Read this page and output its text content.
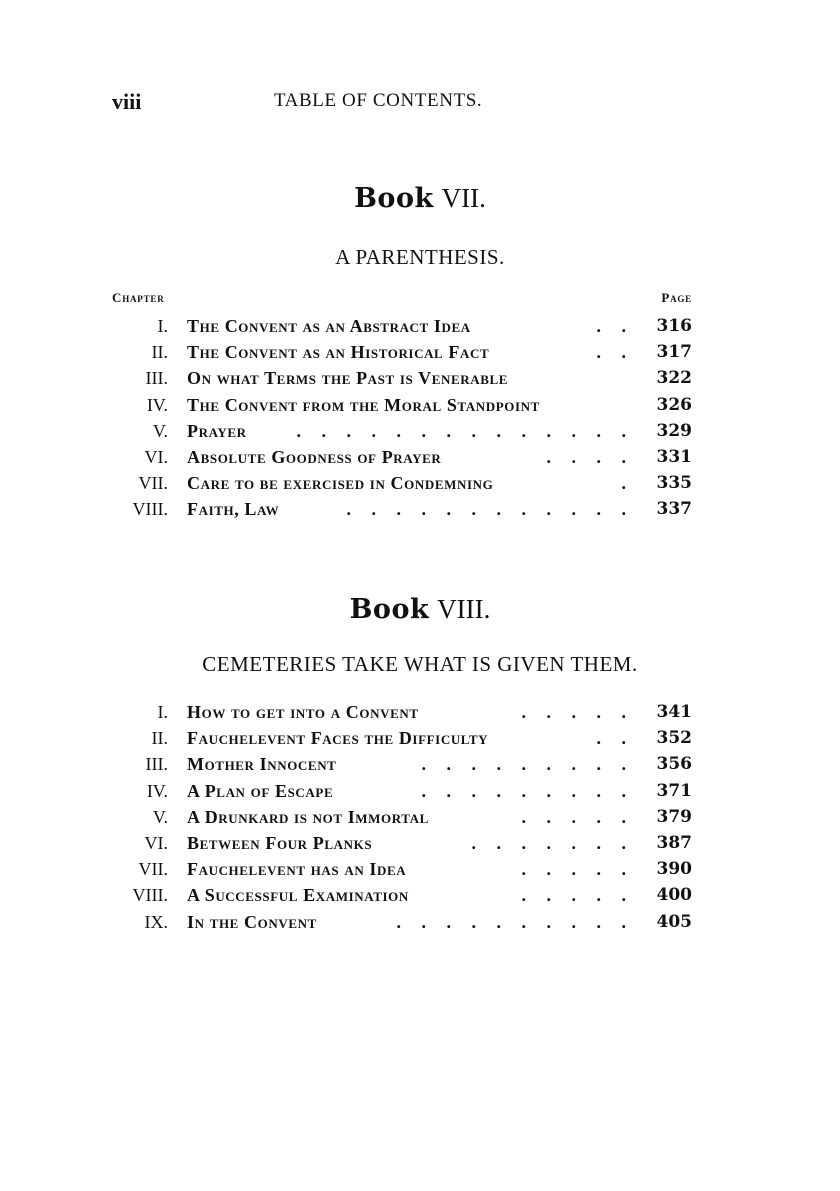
viii	TABLE OF CONTENTS.
Book VII.
A PARENTHESIS.
Chapter	Page
I. The Convent as an Abstract Idea	. . 316
II. The Convent as an Historical Fact	. . 317
III. On what Terms the Past is Venerable	322
IV. The Convent from the Moral Standpoint	326
V. Prayer	. . . . . . . . . . . . . . 329
VI. Absolute Goodness of Prayer	. . . . 331
VII. Care to be exercised in Condemning	. 335
VIII. Faith, Law	. . . . . . . . . . . . 337
Book VIII.
CEMETERIES TAKE WHAT IS GIVEN THEM.
I. How to get into a Convent	. . . . . 341
II. Fauchelevent Faces the Difficulty	. . 352
III. Mother Innocent	. . . . . . . . . 356
IV. A Plan of Escape	. . . . . . . . . 371
V. A Drunkard is not Immortal	. . . . . 379
VI. Between Four Planks	. . . . . . . 387
VII. Fauchelevent has an Idea	. . . . . 390
VIII. A Successful Examination	. . . . . 400
IX. In the Convent	. . . . . . . . . . 405
